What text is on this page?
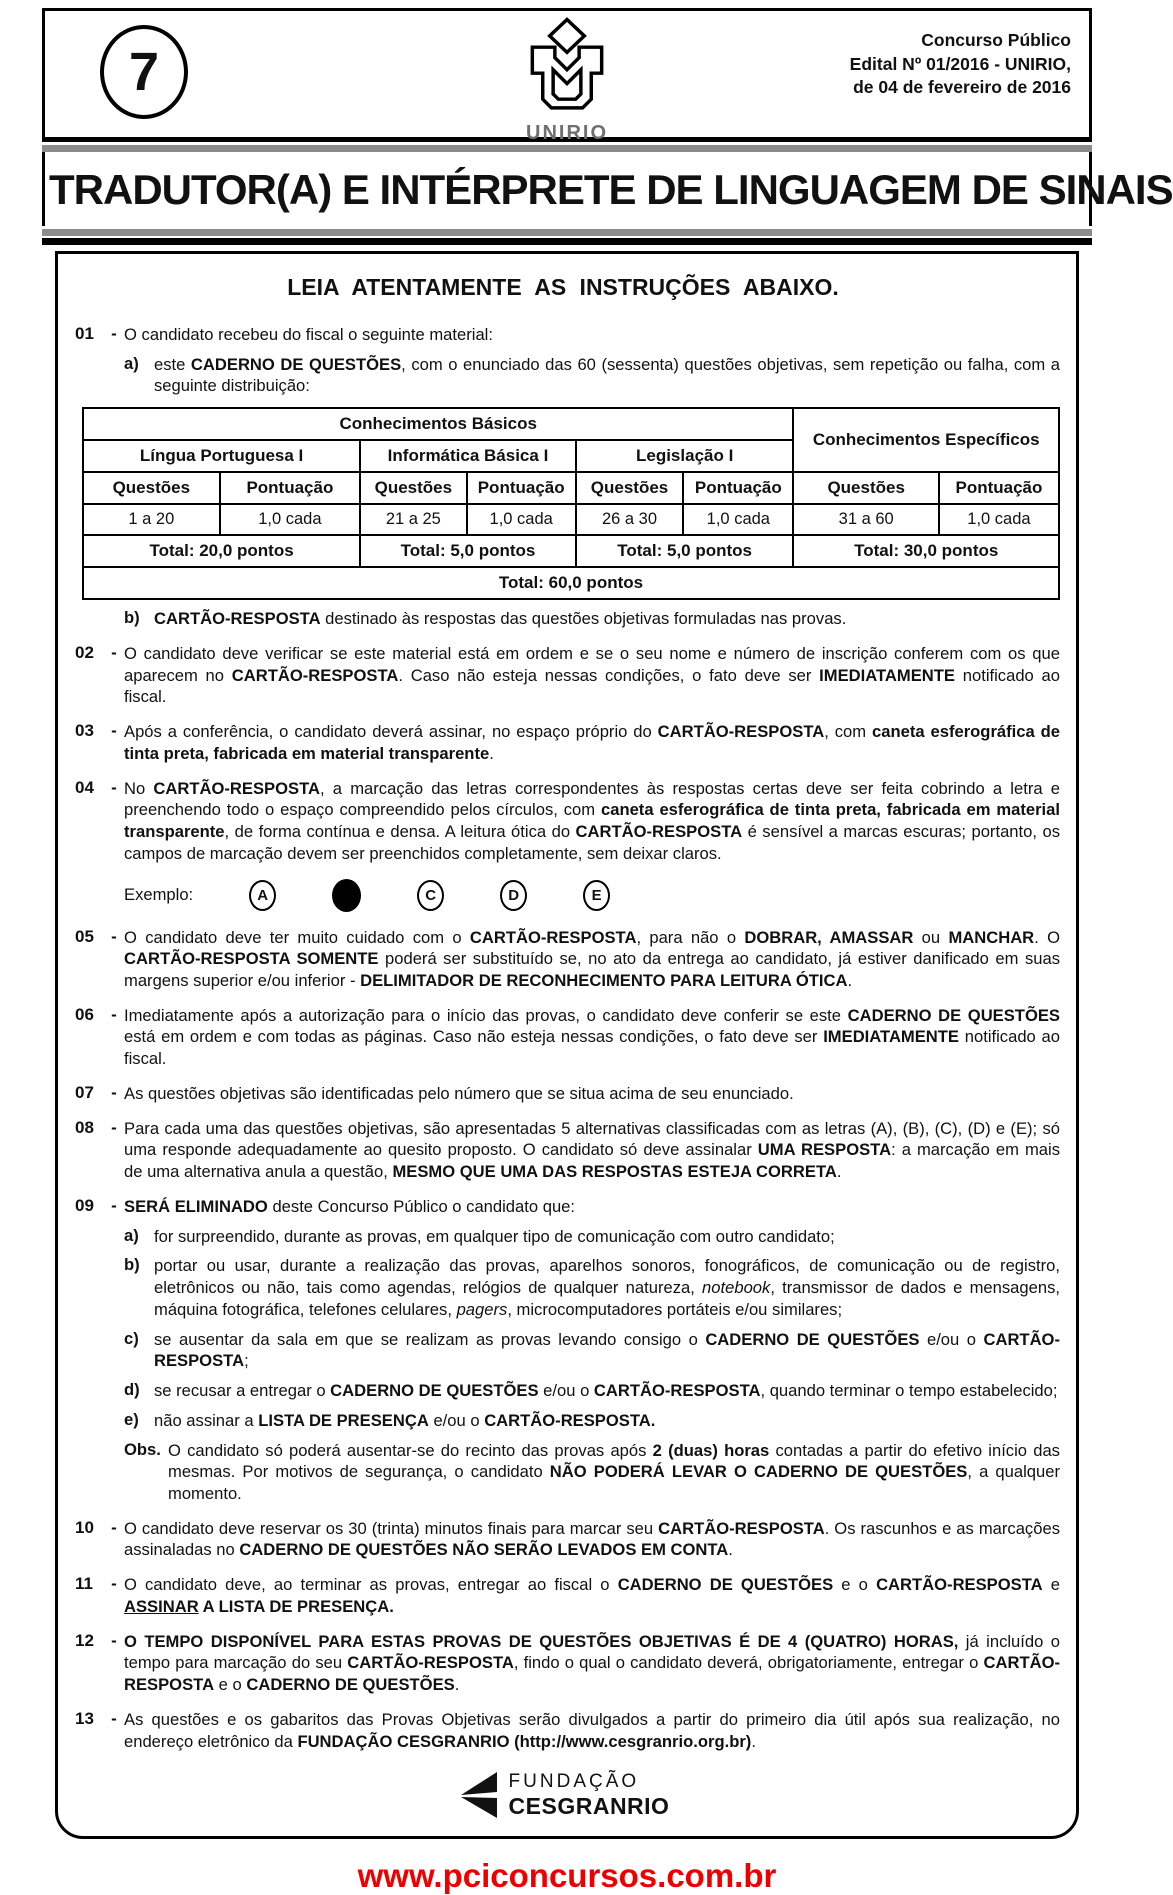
7
UNIRIO
Concurso Público
Edital Nº 01/2016 - UNIRIO,
de 04 de fevereiro de 2016
TRADUTOR(A) E INTÉRPRETE DE LINGUAGEM DE SINAIS
LEIA ATENTAMENTE AS INSTRUÇÕES ABAIXO.
01	- O candidato recebeu do fiscal o seguinte material:

a) este CADERNO DE QUESTÕES, com o enunciado das 60 (sessenta) questões objetivas, sem repetição ou falha, com a seguinte distribuição:
Conhecimentos Básicos						Conhecimentos Específicos	
Língua Portuguesa I		Informática Básica I		Legislação I			
Questões	Pontuação	Questões	Pontuação	Questões	Pontuação	Questões	Pontuação
1 a 20	1,0 cada	21 a 25	1,0 cada	26 a 30	1,0 cada	31 a 60	1,0 cada
Total: 20,0 pontos		Total: 5,0 pontos		Total: 5,0 pontos		Total: 30,0 pontos	
Total: 60,0 pontos							
b) CARTÃO-RESPOSTA destinado às respostas das questões objetivas formuladas nas provas.
02	- O candidato deve verificar se este material está em ordem e se o seu nome e número de inscrição conferem com os que aparecem no CARTÃO-RESPOSTA. Caso não esteja nessas condições, o fato deve ser IMEDIATAMENTE notificado ao fiscal.

03	- Após a conferência, o candidato deverá assinar, no espaço próprio do CARTÃO-RESPOSTA, com caneta esferográfica de tinta preta, fabricada em material transparente.

04	- No CARTÃO-RESPOSTA, a marcação das letras correspondentes às respostas certas deve ser feita cobrindo a letra e preenchendo todo o espaço compreendido pelos círculos, com caneta esferográfica de tinta preta, fabricada em material transparente, de forma contínua e densa. A leitura ótica do CARTÃO-RESPOSTA é sensível a marcas escuras; portanto, os campos de marcação devem ser preenchidos completamente, sem deixar claros.

Exemplo:	A	C	D	E
05	- O candidato deve ter muito cuidado com o CARTÃO-RESPOSTA, para não o DOBRAR, AMASSAR ou MANCHAR. O CARTÃO-RESPOSTA SOMENTE poderá ser substituído se, no ato da entrega ao candidato, já estiver danificado em suas margens superior e/ou inferior - DELIMITADOR DE RECONHECIMENTO PARA LEITURA ÓTICA.

06	- Imediatamente após a autorização para o início das provas, o candidato deve conferir se este CADERNO DE QUESTÕES está em ordem e com todas as páginas. Caso não esteja nessas condições, o fato deve ser IMEDIATAMENTE notificado ao fiscal.

07	- As questões objetivas são identificadas pelo número que se situa acima de seu enunciado.

08	- Para cada uma das questões objetivas, são apresentadas 5 alternativas classificadas com as letras (A), (B), (C), (D) e (E); só uma responde adequadamente ao quesito proposto. O candidato só deve assinalar UMA RESPOSTA: a marcação em mais de uma alternativa anula a questão, MESMO QUE UMA DAS RESPOSTAS ESTEJA CORRETA.

09	- SERÁ ELIMINADO deste Concurso Público o candidato que:

a) for surpreendido, durante as provas, em qualquer tipo de comunicação com outro candidato;
b) portar ou usar, durante a realização das provas, aparelhos sonoros, fonográficos, de comunicação ou de registro, eletrônicos ou não, tais como agendas, relógios de qualquer natureza, notebook, transmissor de dados e mensagens, máquina fotográfica, telefones celulares, pagers, microcomputadores portáteis e/ou similares;
c) se ausentar da sala em que se realizam as provas levando consigo o CADERNO DE QUESTÕES e/ou o CARTÃO-RESPOSTA;
d) se recusar a entregar o CADERNO DE QUESTÕES e/ou o CARTÃO-RESPOSTA, quando terminar o tempo estabelecido;
e) não assinar a LISTA DE PRESENÇA e/ou o CARTÃO-RESPOSTA.
Obs. O candidato só poderá ausentar-se do recinto das provas após 2 (duas) horas contadas a partir do efetivo início das mesmas. Por motivos de segurança, o candidato NÃO PODERÁ LEVAR O CADERNO DE QUESTÕES, a qualquer momento.
10	- O candidato deve reservar os 30 (trinta) minutos finais para marcar seu CARTÃO-RESPOSTA. Os rascunhos e as marcações assinaladas no CADERNO DE QUESTÕES NÃO SERÃO LEVADOS EM CONTA.

11	- O candidato deve, ao terminar as provas, entregar ao fiscal o CADERNO DE QUESTÕES e o CARTÃO-RESPOSTA e ASSINAR A LISTA DE PRESENÇA.

12	- O TEMPO DISPONÍVEL PARA ESTAS PROVAS DE QUESTÕES OBJETIVAS É DE 4 (QUATRO) HORAS, já incluído o tempo para marcação do seu CARTÃO-RESPOSTA, findo o qual o candidato deverá, obrigatoriamente, entregar o CARTÃO-RESPOSTA e o CADERNO DE QUESTÕES.

13	- As questões e os gabaritos das Provas Objetivas serão divulgados a partir do primeiro dia útil após sua realização, no endereço eletrônico da FUNDAÇÃO CESGRANRIO (http://www.cesgranrio.org.br).

FUNDAÇÃO
CESGRANRIO
www.pciconcursos.com.br
